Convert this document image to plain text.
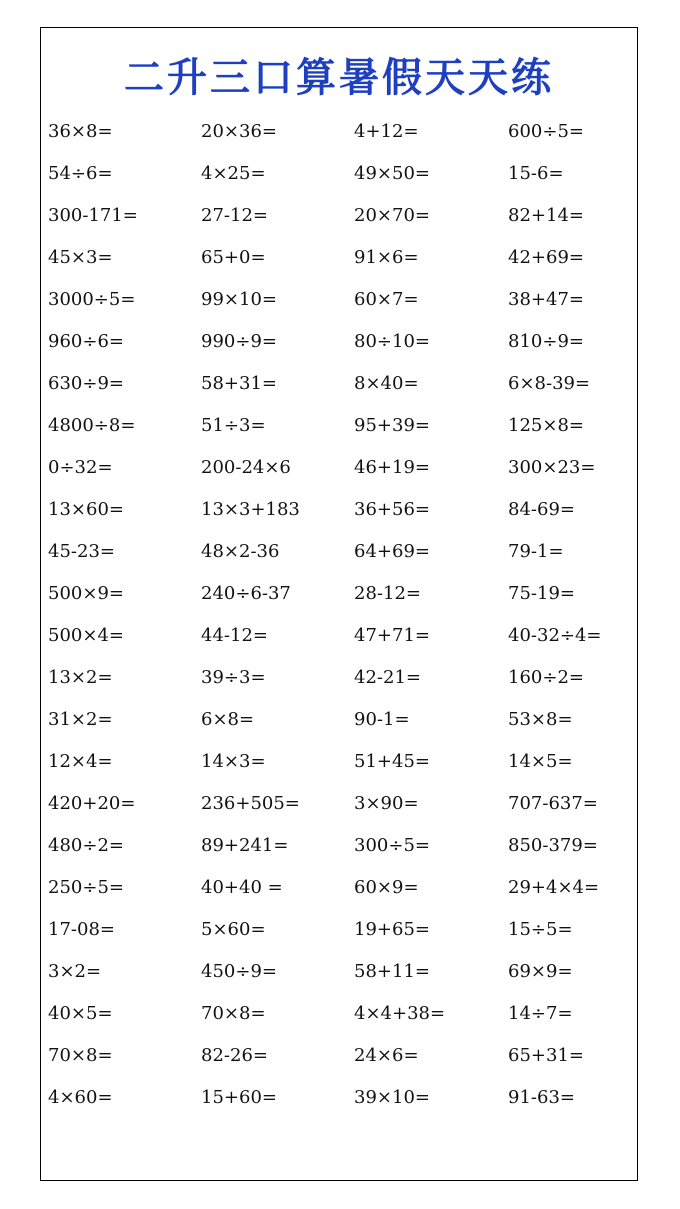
二升三口算暑假天天练
36×8=	20×36=	4+12=	600÷5=
54÷6=	4×25=	49×50=	15-6=
300-171=	27-12=	20×70=	82+14=
45×3=	65+0=	91×6=	42+69=
3000÷5=	99×10=	60×7=	38+47=
960÷6=	990÷9=	80÷10=	810÷9=
630÷9=	58+31=	8×40=	6×8-39=
4800÷8=	51÷3=	95+39=	125×8=
0÷32=	200-24×6	46+19=	300×23=
13×60=	13×3+183	36+56=	84-69=
45-23=	48×2-36	64+69=	79-1=
500×9=	240÷6-37	28-12=	75-19=
500×4=	44-12=	47+71=	40-32÷4=
13×2=	39÷3=	42-21=	160÷2=
31×2=	6×8=	90-1=	53×8=
12×4=	14×3=	51+45=	14×5=
420+20=	236+505=	3×90=	707-637=
480÷2=	89+241=	300÷5=	850-379=
250÷5=	40+40 =	60×9=	29+4×4=
17-08=	5×60=	19+65=	15÷5=
3×2=	450÷9=	58+11=	69×9=
40×5=	70×8=	4×4+38=	14÷7=
70×8=	82-26=	24×6=	65+31=
4×60=	15+60=	39×10=	91-63=
